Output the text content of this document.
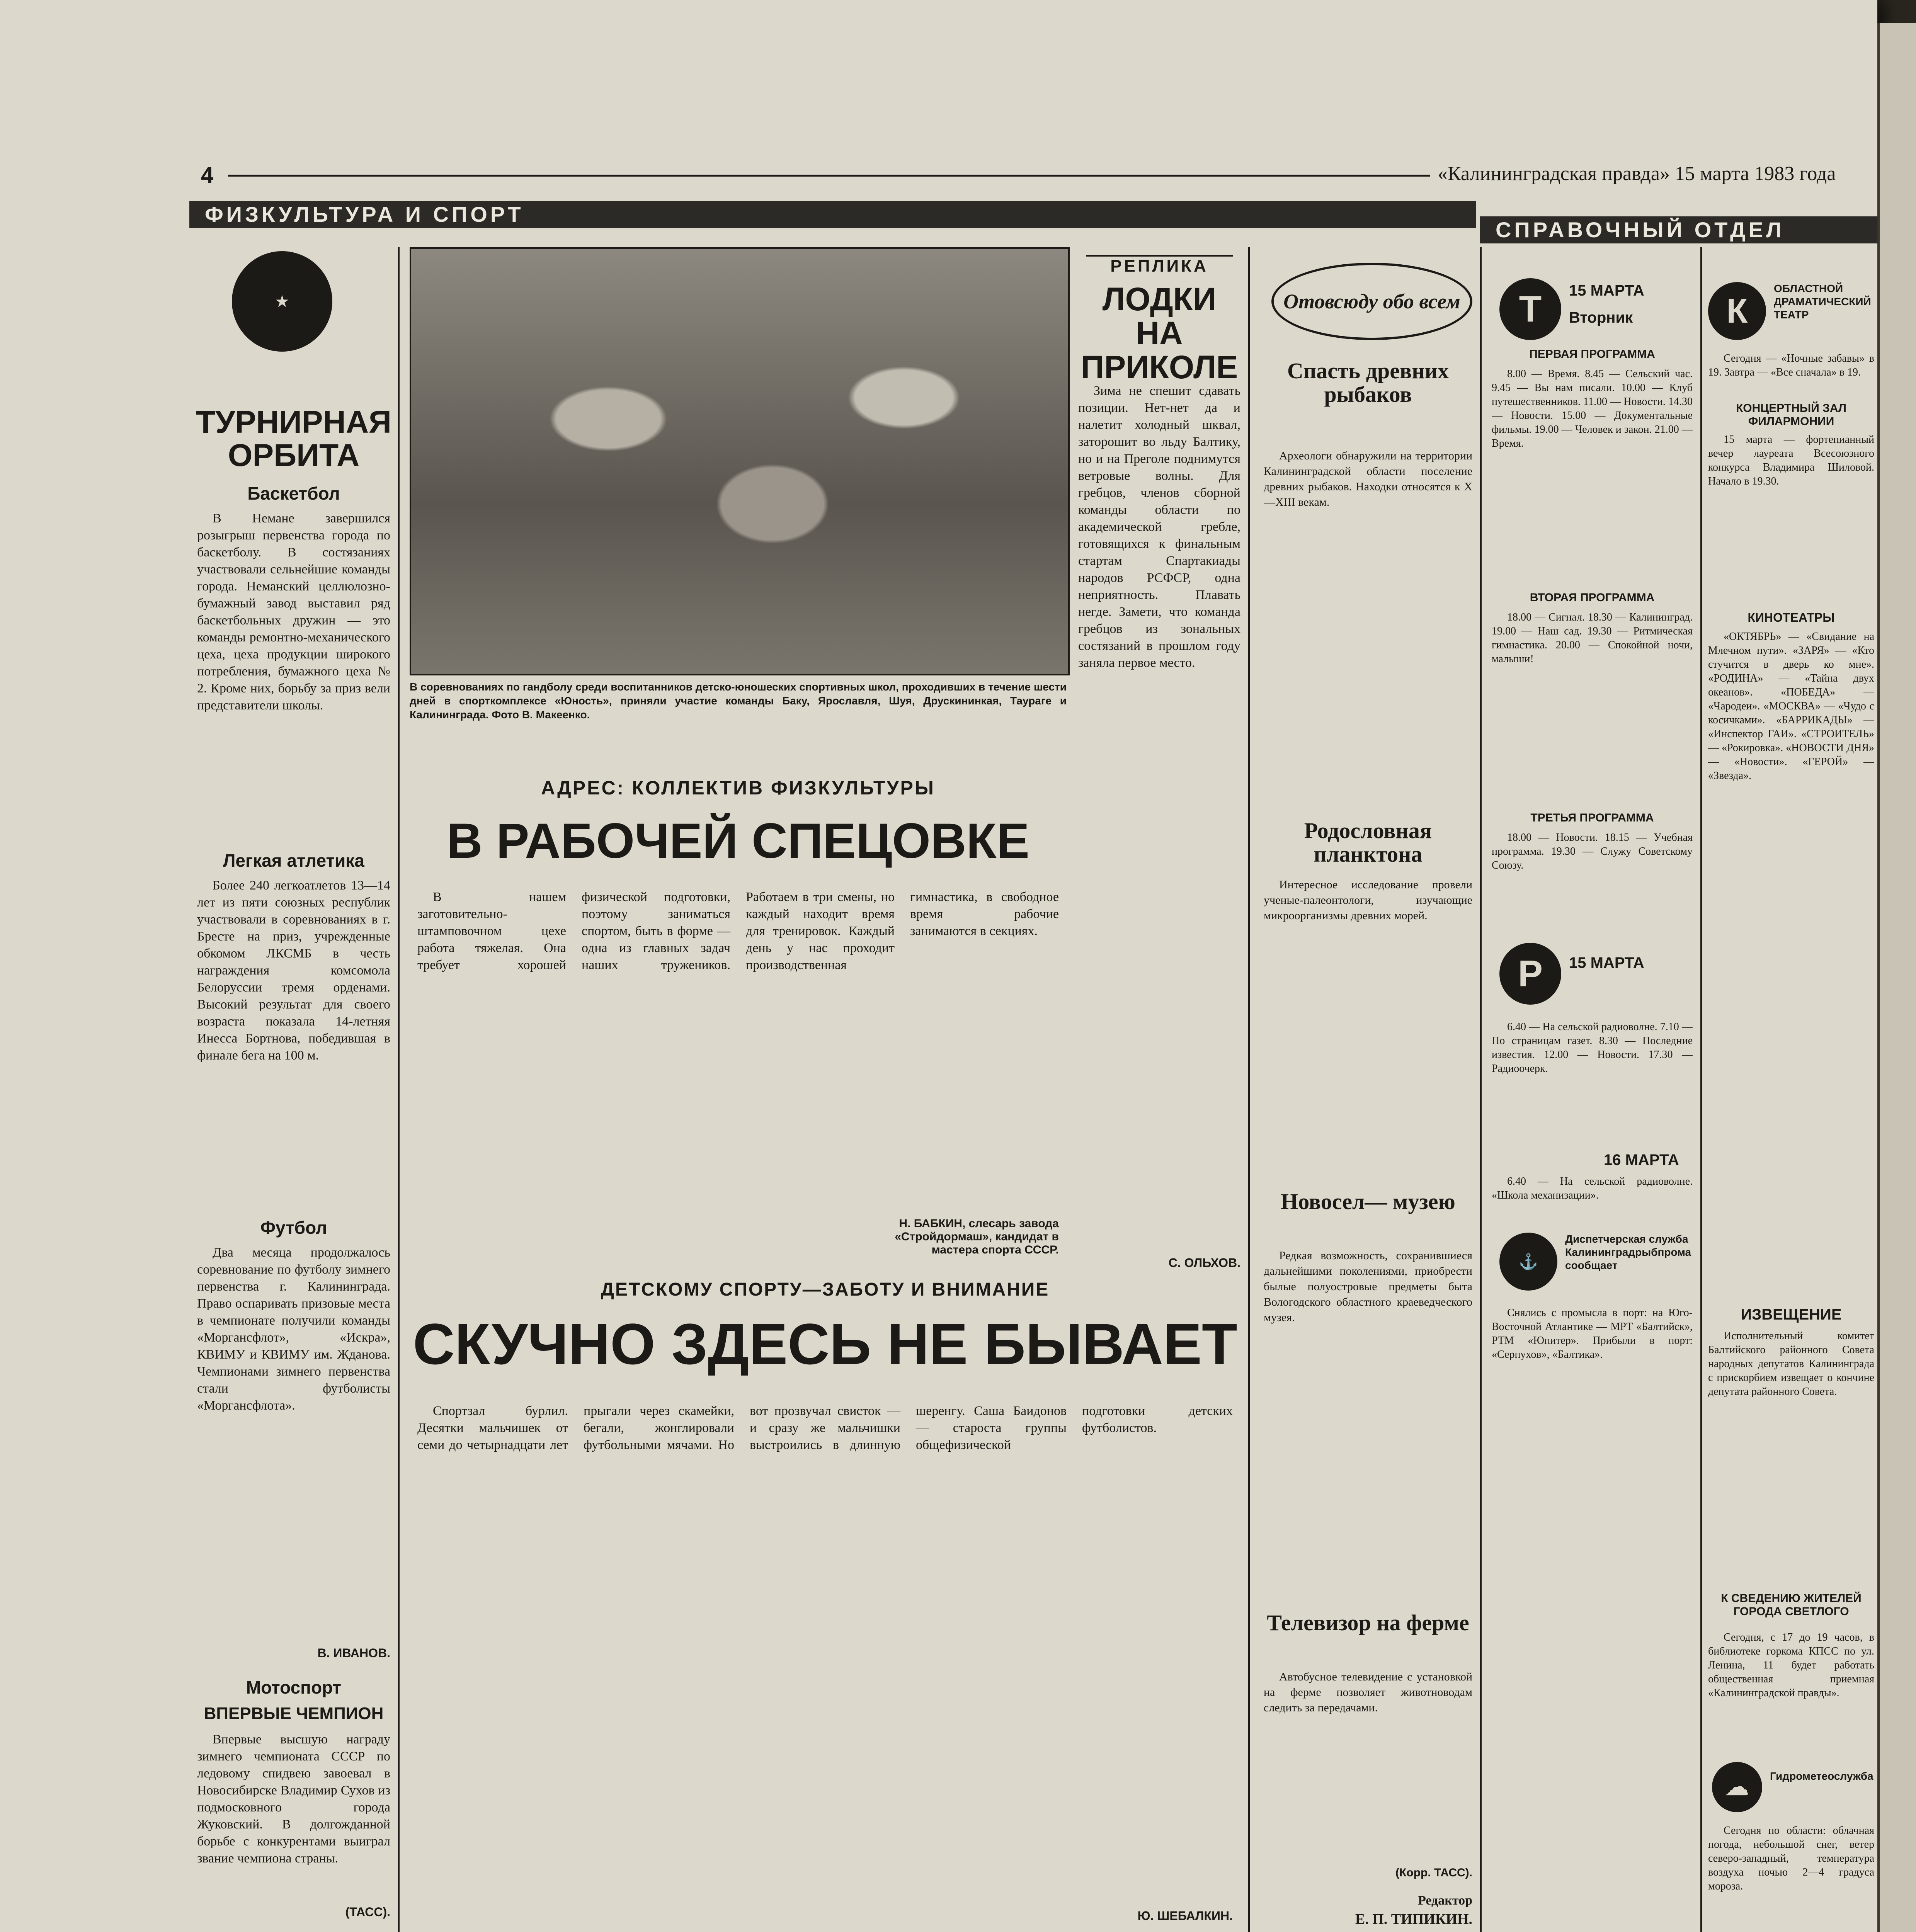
4	«Калининградская правда» 15 марта 1983 года
ФИЗКУЛЬТУРА И СПОРТ
СПРАВОЧНЫЙ ОТДЕЛ
★
ТУРНИРНАЯ ОРБИТА
Баскетбол

В Немане завершился розыгрыш первенства города по баскетболу. В состязаниях участвовали сельнейшие команды города. Неманский целлюлозно-бумажный завод выставил ряд баскетбольных дружин — это команды ремонтно-механического цеха, цеха продукции широкого потребления, бумажного цеха № 2. Кроме них, борьбу за приз вели представители школы.

Легкая атлетика

Более 240 легкоатлетов 13—14 лет из пяти союзных республик участвовали в соревнованиях в г. Бресте на приз, учрежденные обкомом ЛКСМБ в честь награждения комсомола Белоруссии тремя орденами. Высокий результат для своего возраста показала 14-летняя Инесса Бортнова, победившая в финале бега на 100 м.

Футбол

Два месяца продолжалось соревнование по футболу зимнего первенства г. Калининграда. Право оспаривать призовые места в чемпионате получили команды «Моргансфлот», «Искра», КВИМУ и КВИМУ им. Жданова. Чемпионами зимнего первенства стали футболисты «Моргансфлота».

В. ИВАНОВ.
Мотоспорт
ВПЕРВЫЕ ЧЕМПИОН

Впервые высшую награду зимнего чемпионата СССР по ледовому спидвею завоевал в Новосибирске Владимир Сухов из подмосковного города Жуковский. В долгожданной борьбе с конкурентами выиграл звание чемпиона страны.

(ТАСС).
В соревнованиях по гандболу среди воспитанников детско-юношеских спортивных школ, проходивших в течение шести дней в спорткомплексе «Юность», приняли участие команды Баку, Ярославля, Шуя, Друскининкая, Таураге и Калининграда. Фото В. Макеенко.
РЕПЛИКА
ЛОДКИ НА ПРИКОЛЕ

Зима не спешит сдавать позиции. Нет-нет да и налетит холодный шквал, заторошит во льду Балтику, но и на Преголе поднимутся ветровые волны. Для гребцов, членов сборной команды области по академической гребле, готовящихся к финальным стартам Спартакиады народов РСФСР, одна неприятность. Плавать негде. Замети, что команда гребцов из зональных состязаний в прошлом году заняла первое место.

С. ОЛЬХОВ.
АДРЕС: КОЛЛЕКТИВ ФИЗКУЛЬТУРЫ
В РАБОЧЕЙ СПЕЦОВКЕ

В нашем заготовительно-штамповочном цехе работа тяжелая. Она требует хорошей физической подготовки, поэтому заниматься спортом, быть в форме — одна из главных задач наших тружеников. Работаем в три смены, но каждый находит время для тренировок. Каждый день у нас проходит производственная гимнастика, в свободное время рабочие занимаются в секциях.

Н. БАБКИН, слесарь завода «Стройдормаш», кандидат в мастера спорта СССР.
ДЕТСКОМУ СПОРТУ—ЗАБОТУ И ВНИМАНИЕ
СКУЧНО ЗДЕСЬ НЕ БЫВАЕТ

Спортзал бурлил. Десятки мальчишек от семи до четырнадцати лет прыгали через скамейки, бегали, жонглировали футбольными мячами. Но вот прозвучал свисток — и сразу же мальчишки выстроились в длинную шеренгу. Саша Баидонов — староста группы общефизической подготовки детских футболистов.

Ю. ШЕБАЛКИН.
Отовсюду обо всем
Спасть древних рыбаков

Археологи обнаружили на территории Калининградской области поселение древних рыбаков. Находки относятся к X—XIII векам.

Родословная планктона

Интересное исследование провели ученые-палеонтологи, изучающие микроорганизмы древних морей.

Новосел— музею

Редкая возможность, сохранившиеся дальнейшими поколениями, приобрести былые полуостровые предметы быта Вологодского областного краеведческого музея.

Телевизор на ферме

Автобусное телевидение с установкой на ферме позволяет животноводам следить за передачами.

(Корр. ТАСС).
Редактор
Е. П. ТИПИКИН.
Т	15 МАРТА
Вторник
ПЕРВАЯ ПРОГРАММА

8.00 — Время. 8.45 — Сельский час. 9.45 — Вы нам писали. 10.00 — Клуб путешественников. 11.00 — Новости. 14.30 — Новости. 15.00 — Документальные фильмы. 19.00 — Человек и закон. 21.00 — Время.

ВТОРАЯ ПРОГРАММА

18.00 — Сигнал. 18.30 — Калининград. 19.00 — Наш сад. 19.30 — Ритмическая гимнастика. 20.00 — Спокойной ночи, малыши!

ТРЕТЬЯ ПРОГРАММА

18.00 — Новости. 18.15 — Учебная программа. 19.30 — Служу Советскому Союзу.

Р	15 МАРТА

6.40 — На сельской радиоволне. 7.10 — По страницам газет. 8.30 — Последние известия. 12.00 — Новости. 17.30 — Радиоочерк.

16 МАРТА

6.40 — На сельской радиоволне. «Школа механизации».

⚓
Диспетчерская служба Калининградрыбпрома сообщает

Снялись с промысла в порт: на Юго-Восточной Атлантике — МРТ «Балтийск», РТМ «Юпитер». Прибыли в порт: «Серпухов», «Балтика».

К
ОБЛАСТНОЙ ДРАМАТИЧЕСКИЙ ТЕАТР

Сегодня — «Ночные забавы» в 19. Завтра — «Все сначала» в 19.

КОНЦЕРТНЫЙ ЗАЛ ФИЛАРМОНИИ

15 марта — фортепианный вечер лауреата Всесоюзного конкурса Владимира Шиловой. Начало в 19.30.

КИНОТЕАТРЫ

«ОКТЯБРЬ» — «Свидание на Млечном пути». «ЗАРЯ» — «Кто стучится в дверь ко мне». «РОДИНА» — «Тайна двух океанов». «ПОБЕДА» — «Чародеи». «МОСКВА» — «Чудо с косичками». «БАРРИКАДЫ» — «Инспектор ГАИ». «СТРОИТЕЛЬ» — «Рокировка». «НОВОСТИ ДНЯ» — «Новости». «ГЕРОЙ» — «Звезда».

ИЗВЕЩЕНИЕ

Исполнительный комитет Балтийского районного Совета народных депутатов Калининграда с прискорбием извещает о кончине депутата районного Совета.

К СВЕДЕНИЮ ЖИТЕЛЕЙ ГОРОДА СВЕТЛОГО

Сегодня, с 17 до 19 часов, в библиотеке горкома КПСС по ул. Ленина, 11 будет работать общественная приемная «Калининградской правды».

☁	Гидрометеослужба

Сегодня по области: облачная погода, небольшой снег, ветер северо-западный, температура воздуха ночью 2—4 градуса мороза.
